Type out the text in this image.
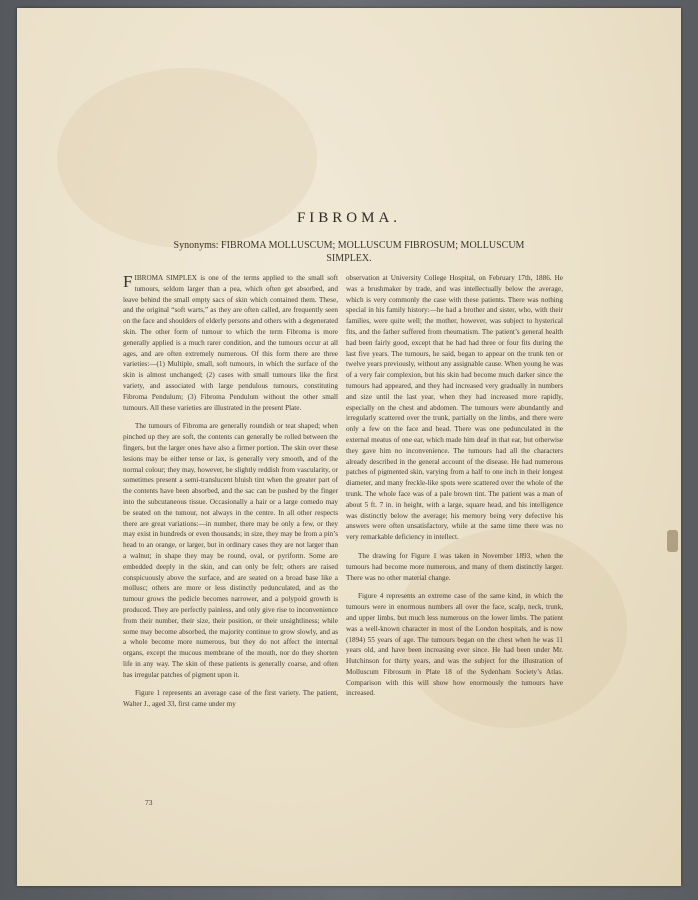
FIBROMA.
Synonyms: FIBROMA MOLLUSCUM; MOLLUSCUM FIBROSUM; MOLLUSCUM SIMPLEX.

FIBROMA SIMPLEX is one of the terms applied to the small soft tumours, seldom larger than a pea, which often get absorbed, and leave behind the small empty sacs of skin which contained them. These, and the original “soft warts,” as they are often called, are frequently seen on the face and shoulders of elderly persons and others with a degenerated skin. The other form of tumour to which the term Fibroma is more generally applied is a much rarer condition, and the tumours occur at all ages, and are often extremely numerous. Of this form there are three varieties:—(1) Multiple, small, soft tumours, in which the surface of the skin is almost unchanged; (2) cases with small tumours like the first variety, and associated with large pendulous tumours, constituting Fibroma Pendulum; (3) Fibroma Pendulum without the other small tumours. All these varieties are illustrated in the present Plate.

The tumours of Fibroma are generally roundish or teat shaped; when pinched up they are soft, the contents can generally be rolled between the fingers, but the larger ones have also a firmer portion. The skin over these lesions may be either tense or lax, is generally very smooth, and of the normal colour; they may, however, be slightly reddish from vascularity, or sometimes present a semi-translucent bluish tint when the greater part of the contents have been absorbed, and the sac can be pushed by the finger into the subcutaneous tissue. Occasionally a hair or a large comedo may be seated on the tumour, not always in the centre. In all other respects there are great variations:—in number, there may be only a few, or they may exist in hundreds or even thousands; in size, they may be from a pin’s head to an orange, or larger, but in ordinary cases they are not larger than a walnut; in shape they may be round, oval, or pyriform. Some are embedded deeply in the skin, and can only be felt; others are raised conspicuously above the surface, and are seated on a broad base like a mollusc; others are more or less distinctly pedunculated, and as the tumour grows the pedicle becomes narrower, and a polypoid growth is produced. They are perfectly painless, and only give rise to inconvenience from their number, their size, their position, or their unsightliness; while some may become absorbed, the majority continue to grow slowly, and as a whole become more numerous, but they do not affect the internal organs, except the mucous membrane of the mouth, nor do they shorten life in any way. The skin of these patients is generally coarse, and often has irregular patches of pigment upon it.

Figure 1 represents an average case of the first variety. The patient, Walter J., aged 33, first came under my

observation at University College Hospital, on February 17th, 1886. He was a brushmaker by trade, and was intellectually below the average, which is very commonly the case with these patients. There was nothing special in his family history:—he had a brother and sister, who, with their families, were quite well; the mother, however, was subject to hysterical fits, and the father suffered from rheumatism. The patient’s general health had been fairly good, except that he had had three or four fits during the last five years. The tumours, he said, began to appear on the trunk ten or twelve years previously, without any assignable cause. When young he was of a very fair complexion, but his skin had become much darker since the tumours had appeared, and they had increased very gradually in numbers and size until the last year, when they had increased more rapidly, especially on the chest and abdomen. The tumours were abundantly and irregularly scattered over the trunk, partially on the limbs, and there were only a few on the face and head. There was one pedunculated in the external meatus of one ear, which made him deaf in that ear, but otherwise they gave him no inconvenience. The tumours had all the characters already described in the general account of the disease. He had numerous patches of pigmented skin, varying from a half to one inch in their longest diameter, and many freckle-like spots were scattered over the whole of the trunk. The whole face was of a pale brown tint. The patient was a man of about 5 ft. 7 in. in height, with a large, square head, and his intelligence was distinctly below the average; his memory being very defective his answers were often unsatisfactory, while at the same time there was no very remarkable deficiency in intellect.

The drawing for Figure 1 was taken in November 1893, when the tumours had become more numerous, and many of them distinctly larger. There was no other material change.

Figure 4 represents an extreme case of the same kind, in which the tumours were in enormous numbers all over the face, scalp, neck, trunk, and upper limbs, but much less numerous on the lower limbs. The patient was a well-known character in most of the London hospitals, and is now (1894) 55 years of age. The tumours began on the chest when he was 11 years old, and have been increasing ever since. He had been under Mr. Hutchinson for thirty years, and was the subject for the illustration of Molluscum Fibrosum in Plate 18 of the Sydenham Society’s Atlas. Comparison with this will show how enormously the tumours have increased.

73
